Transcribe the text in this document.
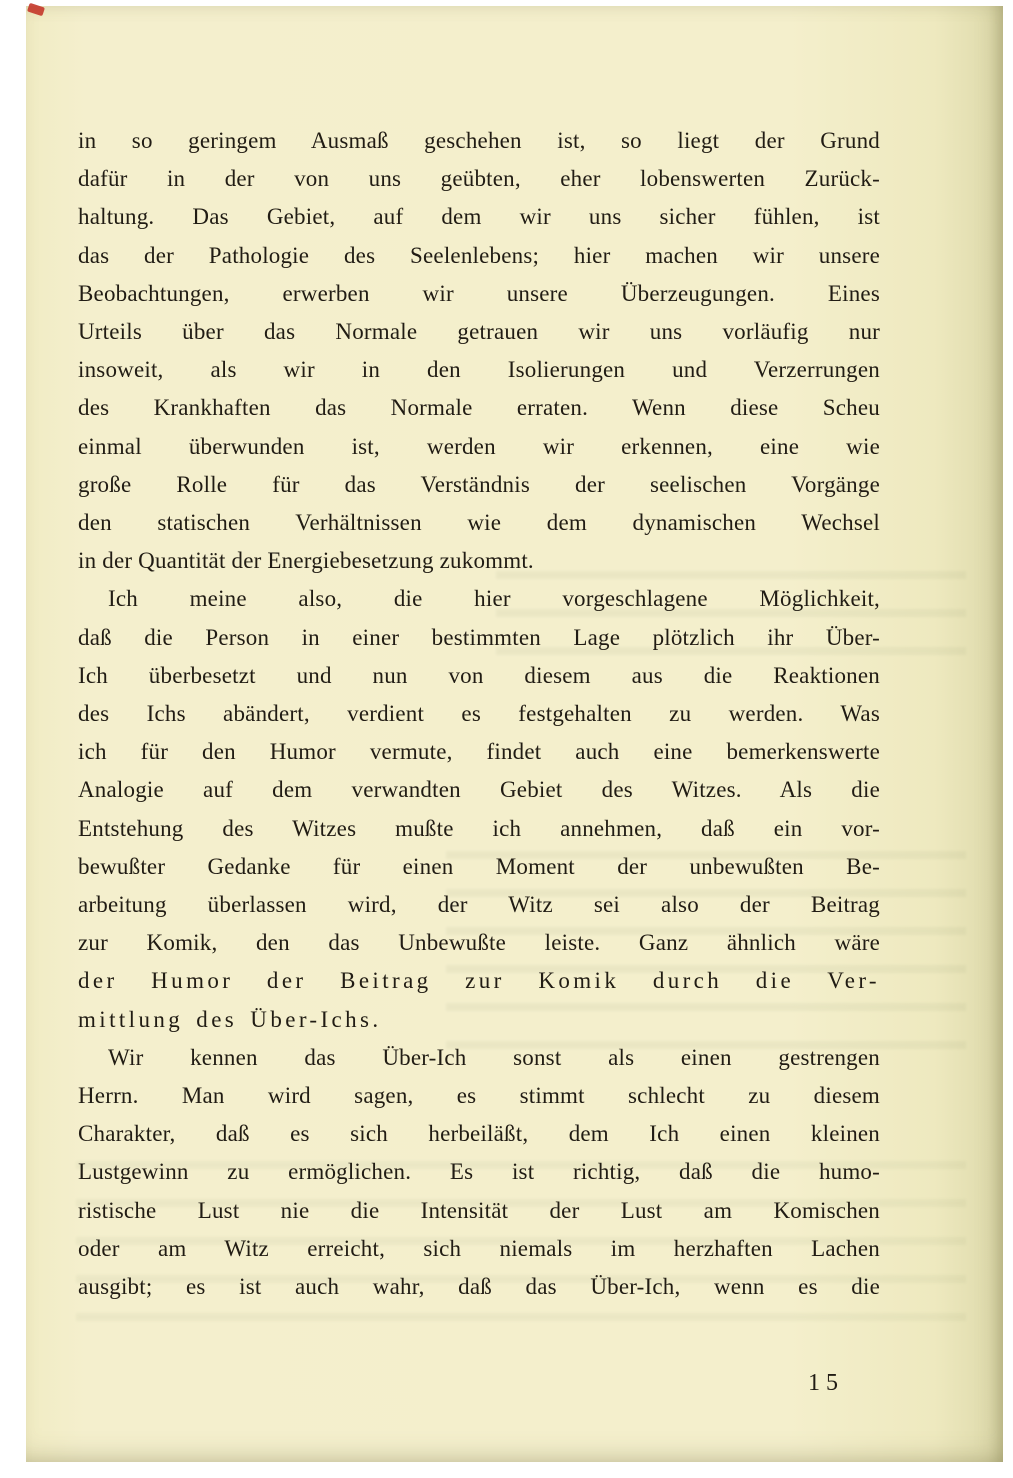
in so geringem Ausmaß geschehen ist, so liegt der Grund
dafür in der von uns geübten, eher lobenswerten Zurück-
haltung. Das Gebiet, auf dem wir uns sicher fühlen, ist
das der Pathologie des Seelenlebens; hier machen wir unsere
Beobachtungen, erwerben wir unsere Überzeugungen. Eines
Urteils über das Normale getrauen wir uns vorläufig nur
insoweit, als wir in den Isolierungen und Verzerrungen
des Krankhaften das Normale erraten. Wenn diese Scheu
einmal überwunden ist, werden wir erkennen, eine wie
große Rolle für das Verständnis der seelischen Vorgänge
den statischen Verhältnissen wie dem dynamischen Wechsel
in der Quantität der Energiebesetzung zukommt.
Ich meine also, die hier vorgeschlagene Möglichkeit,
daß die Person in einer bestimmten Lage plötzlich ihr Über-
Ich überbesetzt und nun von diesem aus die Reaktionen
des Ichs abändert, verdient es festgehalten zu werden. Was
ich für den Humor vermute, findet auch eine bemerkenswerte
Analogie auf dem verwandten Gebiet des Witzes. Als die
Entstehung des Witzes mußte ich annehmen, daß ein vor-
bewußter Gedanke für einen Moment der unbewußten Be-
arbeitung überlassen wird, der Witz sei also der Beitrag
zur Komik, den das Unbewußte leiste. Ganz ähnlich wäre
der Humor der Beitrag zur Komik durch die Ver-
mittlung des Über-Ichs.
Wir kennen das Über-Ich sonst als einen gestrengen
Herrn. Man wird sagen, es stimmt schlecht zu diesem
Charakter, daß es sich herbeiläßt, dem Ich einen kleinen
Lustgewinn zu ermöglichen. Es ist richtig, daß die humo-
ristische Lust nie die Intensität der Lust am Komischen
oder am Witz erreicht, sich niemals im herzhaften Lachen
ausgibt; es ist auch wahr, daß das Über-Ich, wenn es die
15
